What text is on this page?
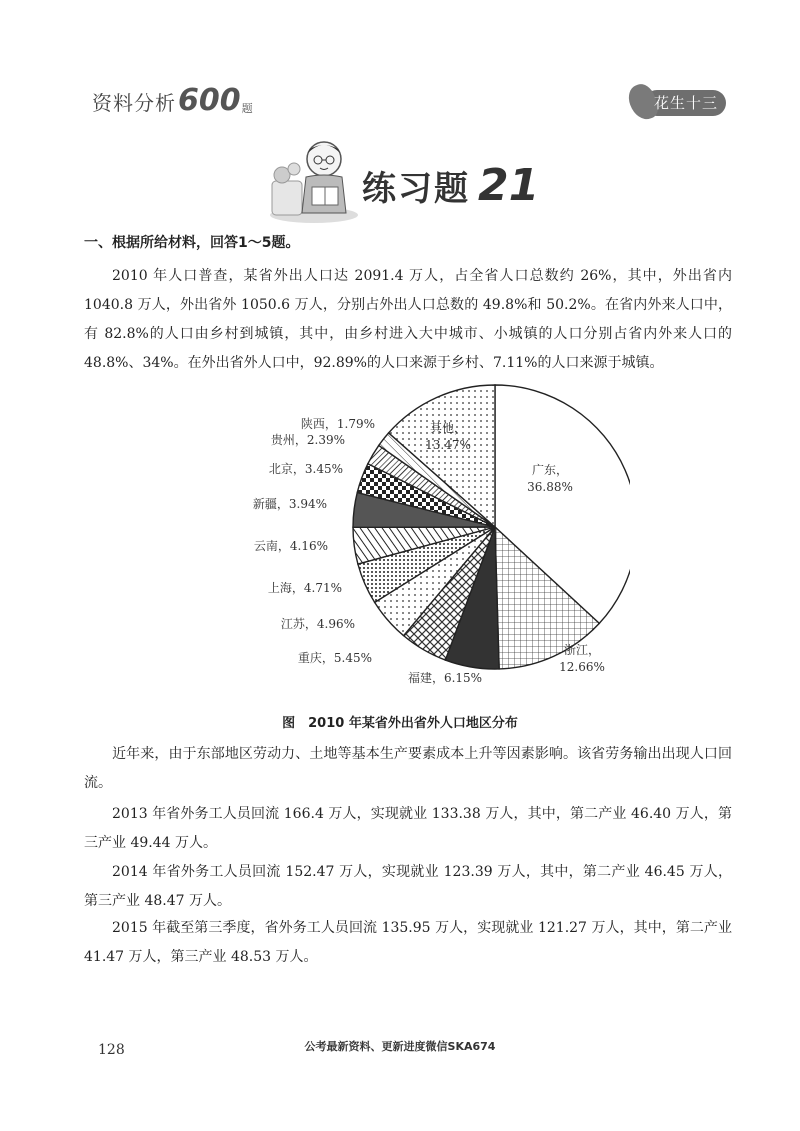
资料分析 600 题	花生十三
练习题 21
一、根据所给材料，回答1～5题。
2010 年人口普查，某省外出人口达 2091.4 万人，占全省人口总数约 26%，其中，外出省内 1040.8 万人，外出省外 1050.6 万人，分别占外出人口总数的 49.8%和 50.2%。在省内外来人口中，有 82.8%的人口由乡村到城镇，其中，由乡村进入大中城市、小城镇的人口分别占省内外来人口的 48.8%、34%。在外出省外人口中，92.89%的人口来源于乡村、7.11%的人口来源于城镇。
广东，
36.88%
浙江，
12.66%
福建，6.15%
重庆，5.45%
江苏，4.96%
上海，4.71%
云南，4.16%
新疆，3.94%
北京，3.45%
贵州，2.39%
陕西，1.79%	其他，
13.47%
图　2010 年某省外出省外人口地区分布
近年来，由于东部地区劳动力、土地等基本生产要素成本上升等因素影响。该省劳务输出出现人口回流。
2013 年省外务工人员回流 166.4 万人，实现就业 133.38 万人，其中，第二产业 46.40 万人，第三产业 49.44 万人。
2014 年省外务工人员回流 152.47 万人，实现就业 123.39 万人，其中，第二产业 46.45 万人，第三产业 48.47 万人。
2015 年截至第三季度，省外务工人员回流 135.95 万人，实现就业 121.27 万人，其中，第二产业 41.47 万人，第三产业 48.53 万人。
128	公考最新资料、更新进度微信SKA674
